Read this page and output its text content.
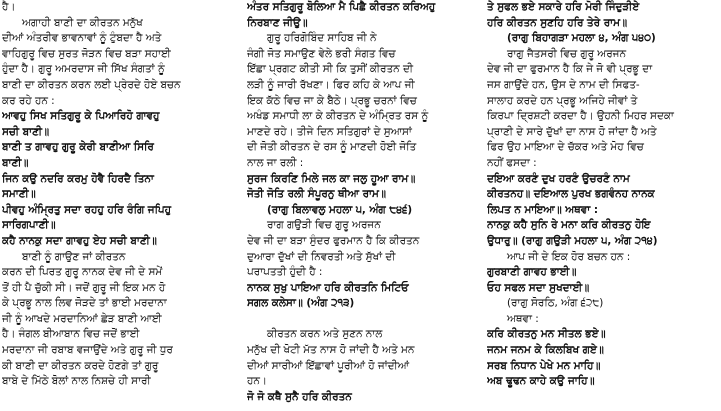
ਹੈ।
ਅਗਾਹੀ ਬਾਣੀ ਦਾ ਕੀਰਤਨ ਮਨੁੱਖ
ਦੀਆਂ ਅੰਤਰੀਵ ਭਾਵਨਾਵਾਂ ਨੂੰ ਟੁੰਬਦਾ ਹੈ ਅਤੇ
ਵਾਹਿਗੁਰੂ ਵਿਚ ਸੁਰਤ ਜੋੜਨ ਵਿਚ ਬੜਾ ਸਹਾਈ
ਹੁੰਦਾ ਹੈ। ਗੁਰੂ ਅਮਰਦਾਸ ਜੀ ਸਿੱਖ ਸੰਗਤਾਂ ਨੂੰ
ਬਾਣੀ ਦਾ ਕੀਰਤਨ ਕਰਨ ਲਈ ਪ੍ਰੇਰਦੇ ਹੋਏ ਬਚਨ
ਕਰ ਰਹੇ ਹਨ :
ਆਵਹੁ ਸਿਖ ਸਤਿਗੁਰੂ ਕੇ ਪਿਆਰਿਹੋ ਗਾਵਹੁ
ਸਚੀ ਬਾਣੀ॥
ਬਾਣੀ ਤ ਗਾਵਹੁ ਗੁਰੂ ਕੇਰੀ ਬਾਣੀਆ ਸਿਰਿ
ਬਾਣੀ॥
ਜਿਨ ਕਉ ਨਦਰਿ ਕਰਮੁ ਹੋਵੈ ਹਿਰਦੈ ਤਿਨਾ
ਸਮਾਣੀ॥
ਪੀਵਹੁ ਅੰਮ੍ਰਿਤੁ ਸਦਾ ਰਹਹੁ ਹਰਿ ਰੰਗਿ ਜਪਿਹੁ
ਸਾਰਿਗਪਾਣੀ॥
ਕਹੈ ਨਾਨਕੁ ਸਦਾ ਗਾਵਹੁ ਏਹ ਸਚੀ ਬਾਣੀ॥
ਬਾਣੀ ਨੂੰ ਗਾਉਣ ਜਾਂ ਕੀਰਤਨ
ਕਰਨ ਦੀ ਪਿਰਤ ਗੁਰੂ ਨਾਨਕ ਦੇਵ ਜੀ ਦੇ ਸਮੇਂ
ਤੋਂ ਹੀ ਪੈ ਚੁੱਕੀ ਸੀ। ਜਦੋਂ ਗੁਰੂ ਜੀ ਇਕ ਮਨ ਹੋ
ਕੇ ਪ੍ਰਭੂ ਨਾਲ ਲਿਵ ਜੋੜਦੇ ਤਾਂ ਭਾਈ ਮਰਦਾਨਾ
ਜੀ ਨੂੰ ਆਖਦੇ ਮਰਦਾਨਿਆਂ ਛੇੜ ਬਾਣੀ ਆਈ
ਹੈ। ਜੰਗਲ ਬੀਆਬਾਨ ਵਿਚ ਜਦੋਂ ਭਾਈ
ਮਰਦਾਨਾ ਜੀ ਰਬਾਬ ਵਜਾਉਂਦੇ ਅਤੇ ਗੁਰੂ ਜੀ ਧੁਰ
ਕੀ ਬਾਣੀ ਦਾ ਕੀਰਤਨ ਕਰਦੇ ਹੋਣਗੇ ਤਾਂ ਗੁਰੂ
ਬਾਬੇ ਦੇ ਮਿੱਠੇ ਬੋਲਾਂ ਨਾਲ ਨਿਸ਼ਚੇ ਹੀ ਸਾਰੀ
ਅੰਤਰ ਸਤਿਗੁਰੂ ਬੋਲਿਆ ਮੈ ਪਿਛੈ ਕੀਰਤਨ ਕਰਿਅਹੁ
ਨਿਰਬਾਣ ਜੀਉ॥
ਗੁਰੂ ਹਰਿਗੋਬਿੰਦ ਸਾਹਿਬ ਜੀ ਨੇ
ਜੰਗੀ ਜੋਤ ਸਮਾਉਣ ਵੇਲੇ ਭਰੀ ਸੰਗਤ ਵਿਚ
ਇੱਛਾ ਪ੍ਰਗਟ ਕੀਤੀ ਸੀ ਕਿ ਤੁਸੀਂ ਕੀਰਤਨ ਦੀ
ਲੜੀ ਨੂੰ ਜਾਰੀ ਰੱਖਣਾ। ਫਿਰ ਕਹਿ ਕੇ ਆਪ ਜੀ
ਇਕ ਕੱਠੇ ਵਿਚ ਜਾ ਕੇ ਬੈਠੇ। ਪ੍ਰਭੂ ਚਰਨਾਂ ਵਿਚ
ਅਖੰਡ ਸਮਾਧੀ ਲਾ ਕੇ ਕੀਰਤਨ ਦੇ ਅੰਮ੍ਰਿਤ ਰਸ ਨੂੰ
ਮਾਣਦੇ ਰਹੇ। ਤੀਜੇ ਦਿਨ ਸਤਿਗੁਰਾਂ ਦੇ ਸੁਆਸਾਂ
ਦੀ ਜੋਤੀ ਕੀਰਤਨ ਦੇ ਰਸ ਨੂੰ ਮਾਣਦੀ ਹੋਈ ਜੋਤਿ
ਨਾਲ ਜਾ ਰਲੀ :
ਸੁਰਜ ਕਿਰਣਿ ਮਿਲੇ ਜਲ ਕਾ ਜਲੁ ਹੂਆ ਰਾਮ॥
ਜੋਤੀ ਜੋਤਿ ਰਲੀ ਸੰਪੂਰਨੁ ਥੀਆ ਰਾਮ॥
(ਰਾਗੁ ਬਿਲਾਵਲੁ ਮਹਲਾ ੫, ਅੰਗ ੮੪੬)
ਰਾਗ ਗਉੜੀ ਵਿਚ ਗੁਰੂ ਅਰਜਨ
ਦੇਵ ਜੀ ਦਾ ਬੜਾ ਸੁੰਦਰ ਫੁਰਮਾਨ ਹੈ ਕਿ ਕੀਰਤਨ
ਦੁਆਰਾ ਦੁੱਖਾਂ ਦੀ ਨਿਵਰਤੀ ਅਤੇ ਸੁੱਖਾਂ ਦੀ
ਪਰਾਪਤਤੀ ਹੁੰਦੀ ਹੈ :
ਨਾਨਕ ਸੁਖੁ ਪਾਇਆ ਹਰਿ ਕੀਰਤਨਿ ਮਿਟਿਓ
ਸਗਲ ਕਲੇਸਾ॥ (ਅੰਗ ੨੧੩)
ਕੀਰਤਨ ਕਰਨ ਅਤੇ ਸੁਣਨ ਨਾਲ
ਮਨੁੱਖ ਦੀ ਖੋਟੀ ਮੱਤ ਨਾਸ ਹੋ ਜਾਂਦੀ ਹੈ ਅਤੇ ਮਨ
ਦੀਆਂ ਸਾਰੀਆਂ ਇੱਛਾਵਾਂ ਪੂਰੀਆਂ ਹੋ ਜਾਂਦੀਆਂ
ਹਨ।
ਜੋ ਜੋ ਕਥੈ ਸੁਨੈ ਹਰਿ ਕੀਰਤਨ
ਤੇ ਸੁਫਲ ਭਏ ਸਕਾਰੇ ਹਰਿ ਮੋਰੀ ਜਿੰਦੁੜੀਏ
ਹਰਿ ਕੀਰਤਨ ਸੁਣਹਿ ਹਰਿ ਤੇਰੇ ਰਾਮ॥
(ਰਾਗੁ ਬਿਹਾਗੜਾ ਮਹਲਾ ੪, ਅੰਗ ੫੪੦)
ਰਾਗੁ ਜੈਤਸਰੀ ਵਿਚ ਗੁਰੂ ਅਰਜਨ
ਦੇਵ ਜੀ ਦਾ ਫੁਰਮਾਨ ਹੈ ਕਿ ਜੇ ਜੋ ਵੀ ਪ੍ਰਭੂ ਦਾ
ਜਸ ਗਾਉਂਦੇ ਹਨ, ਉਸ ਦੇ ਨਾਮ ਦੀ ਸਿਫਤ-
ਸਾਲਾਹ ਕਰਦੇ ਹਨ ਪ੍ਰਭੂ ਅਜਿਹੇ ਜੀਵਾਂ ਤੇ
ਕਿਰਪਾ ਦ੍ਰਿਸ਼ਟੀ ਕਰਦਾ ਹੈ। ਉਹਨੀ ਮਿਹਰ ਸਦਕਾ
ਪ੍ਰਾਣੀ ਦੇ ਸਾਰੇ ਦੁੱਖਾਂ ਦਾ ਨਾਸ ਹੋ ਜਾਂਦਾ ਹੈ ਅਤੇ
ਫਿਰ ਉਹ ਮਾਇਆ ਦੇ ਚੱਕਰ ਅਤੇ ਮੋਹ ਵਿਚ
ਨਹੀਂ ਫਸਦਾ :
ਦਇਆ ਕਰਣੰ ਦੁਖ ਹਰਣੰ ਉਚਰਣੰ ਨਾਮ
ਕੀਰਤਨਹ॥ ਦਇਆਲ ਪੁਰਖ ਭਗਵੰਨਹ ਨਾਨਕ
ਲਿਪਤ ਨ ਮਾਇਆ॥ ਅਥਵਾ :
ਨਾਨਕੁ ਕਹੈ ਸੁਨਿ ਰੇ ਮਨਾ ਕਰਿ ਕੀਰਤਨੁ ਹੋਇ
ਉਧਾਰੁ॥ (ਰਾਗੁ ਗਉੜੀ ਮਹਲਾ ੫, ਅੰਗ ੨੧੪)
ਆਪ ਜੀ ਦੇ ਇਕ ਹੋਰ ਬਚਨ ਹਨ :
ਗੁਰਬਾਣੀ ਗਾਵਹ ਭਾਈ॥
ਓਹ ਸਫਲ ਸਦਾ ਸੁਖਦਾਈ॥
(ਰਾਗੁ ਸੋਰਠਿ, ਅੰਗ ੬੨੮)
ਅਥਵਾ :
ਕਰਿ ਕੀਰਤਨੁ ਮਨ ਸੀਤਲ ਭਏ॥
ਜਨਮ ਜਨਮ ਕੇ ਕਿਲਬਿਖ ਗਏ॥
ਸਰਬ ਨਿਧਾਨ ਪੇਖੇ ਮਨ ਮਾਹਿ॥
ਅਬ ਢੂਢਨ ਕਾਹੇ ਕਉ ਜਾਹਿ॥
